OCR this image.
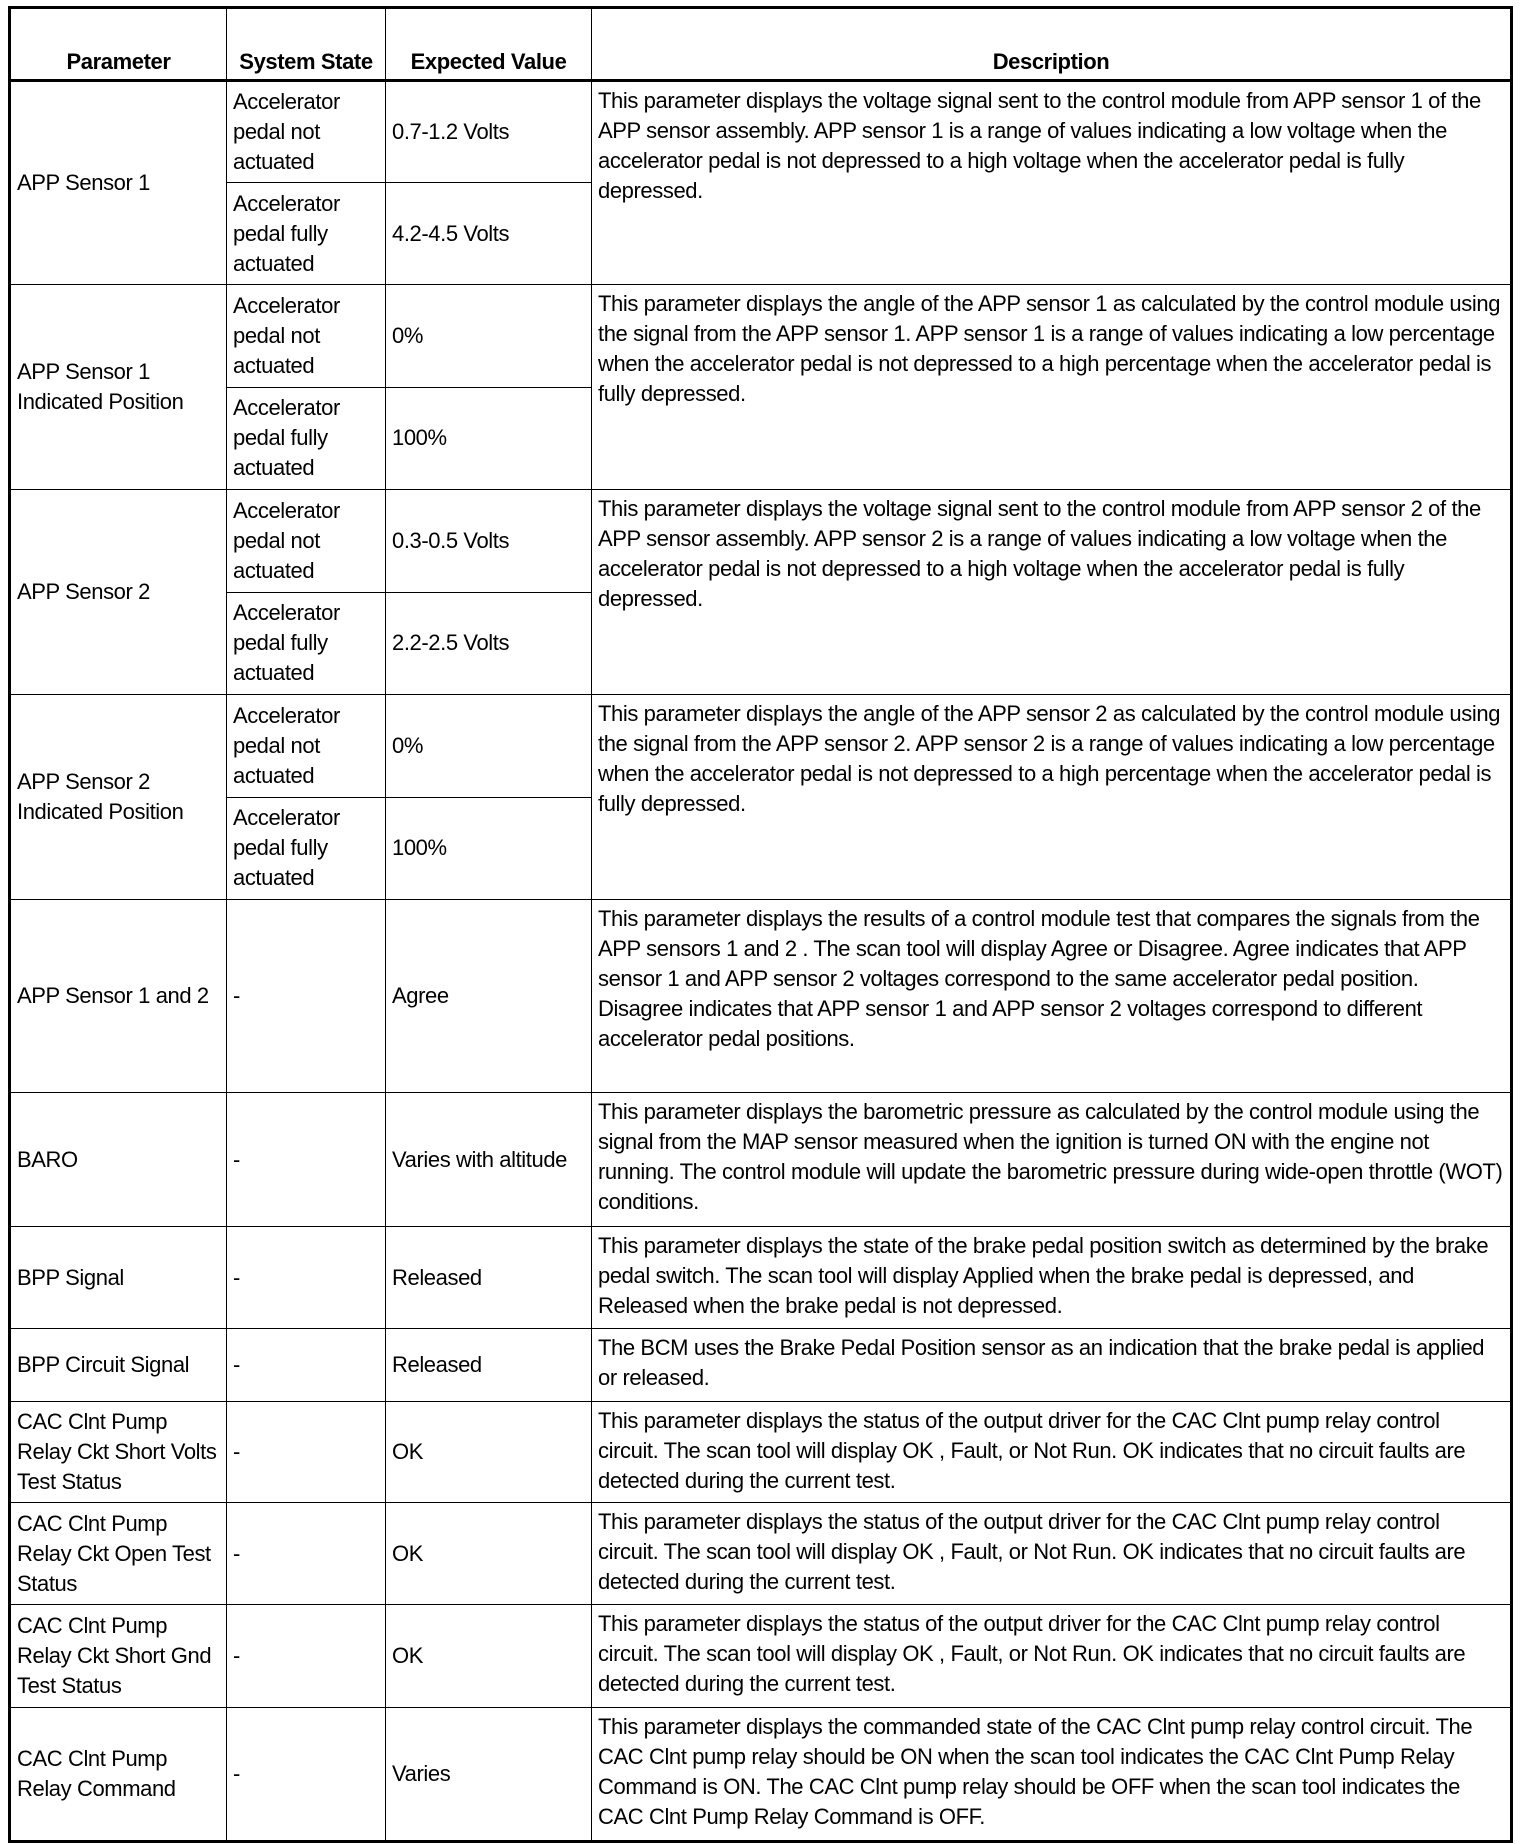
Parameter	System State	Expected Value	Description
APP Sensor 1	Accelerator pedal not actuated	0.7-1.2 Volts	This parameter displays the voltage signal sent to the control module from APP sensor 1 of the APP sensor assembly. APP sensor 1 is a range of values indicating a low voltage when the accelerator pedal is not depressed to a high voltage when the accelerator pedal is fully depressed.
	Accelerator pedal fully actuated	4.2-4.5 Volts	
APP Sensor 1 Indicated Position	Accelerator pedal not actuated	0%	This parameter displays the angle of the APP sensor 1 as calculated by the control module using the signal from the APP sensor 1. APP sensor 1 is a range of values indicating a low percentage when the accelerator pedal is not depressed to a high percentage when the accelerator pedal is fully depressed.
	Accelerator pedal fully actuated	100%	
APP Sensor 2	Accelerator pedal not actuated	0.3-0.5 Volts	This parameter displays the voltage signal sent to the control module from APP sensor 2 of the APP sensor assembly. APP sensor 2 is a range of values indicating a low voltage when the accelerator pedal is not depressed to a high voltage when the accelerator pedal is fully depressed.
	Accelerator pedal fully actuated	2.2-2.5 Volts	
APP Sensor 2 Indicated Position	Accelerator pedal not actuated	0%	This parameter displays the angle of the APP sensor 2 as calculated by the control module using the signal from the APP sensor 2. APP sensor 2 is a range of values indicating a low percentage when the accelerator pedal is not depressed to a high percentage when the accelerator pedal is fully depressed.
	Accelerator pedal fully actuated	100%	
APP Sensor 1 and 2	-	Agree	This parameter displays the results of a control module test that compares the signals from the APP sensors 1 and 2 . The scan tool will display Agree or Disagree. Agree indicates that APP sensor 1 and APP sensor 2 voltages correspond to the same accelerator pedal position. Disagree indicates that APP sensor 1 and APP sensor 2 voltages correspond to different accelerator pedal positions.
BARO	-	Varies with altitude	This parameter displays the barometric pressure as calculated by the control module using the signal from the MAP sensor measured when the ignition is turned ON with the engine not running. The control module will update the barometric pressure during wide-open throttle (WOT) conditions.
BPP Signal	-	Released	This parameter displays the state of the brake pedal position switch as determined by the brake pedal switch. The scan tool will display Applied when the brake pedal is depressed, and Released when the brake pedal is not depressed.
BPP Circuit Signal	-	Released	The BCM uses the Brake Pedal Position sensor as an indication that the brake pedal is applied or released.
CAC Clnt Pump Relay Ckt Short Volts Test Status	-	OK	This parameter displays the status of the output driver for the CAC Clnt pump relay control circuit. The scan tool will display OK , Fault, or Not Run. OK indicates that no circuit faults are detected during the current test.
CAC Clnt Pump Relay Ckt Open Test Status	-	OK	This parameter displays the status of the output driver for the CAC Clnt pump relay control circuit. The scan tool will display OK , Fault, or Not Run. OK indicates that no circuit faults are detected during the current test.
CAC Clnt Pump Relay Ckt Short Gnd Test Status	-	OK	This parameter displays the status of the output driver for the CAC Clnt pump relay control circuit. The scan tool will display OK , Fault, or Not Run. OK indicates that no circuit faults are detected during the current test.
CAC Clnt Pump Relay Command	-	Varies	This parameter displays the commanded state of the CAC Clnt pump relay control circuit. The CAC Clnt pump relay should be ON when the scan tool indicates the CAC Clnt Pump Relay Command is ON. The CAC Clnt pump relay should be OFF when the scan tool indicates the CAC Clnt Pump Relay Command is OFF.
